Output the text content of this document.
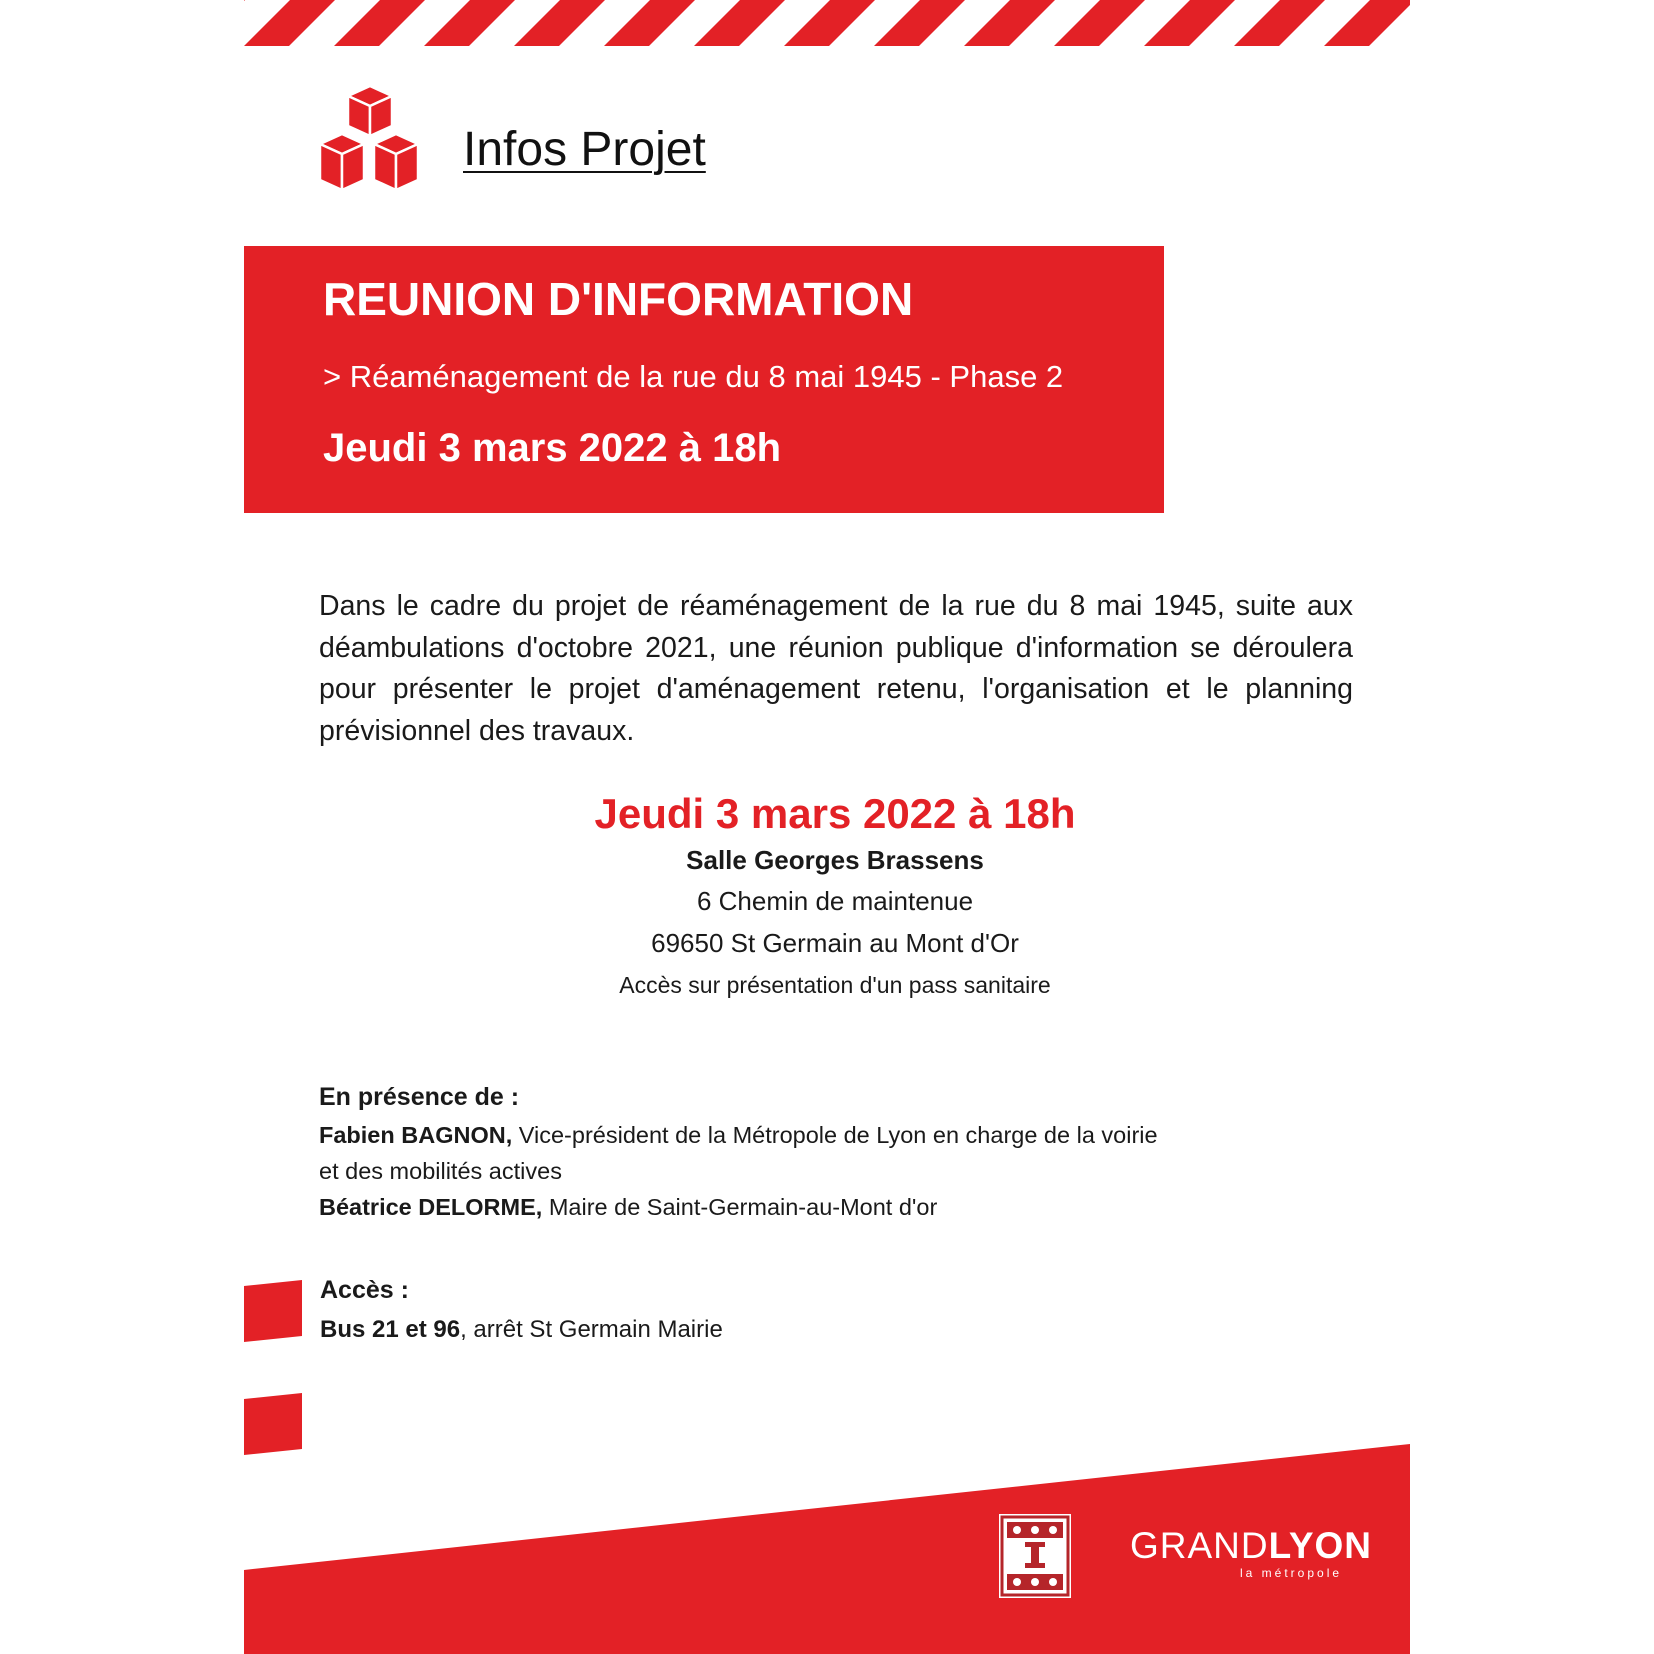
Infos Projet
REUNION D'INFORMATION
> Réaménagement de la rue du 8 mai 1945 - Phase 2
Jeudi 3 mars 2022 à 18h
Dans le cadre du projet de réaménagement de la rue du 8 mai 1945, suite aux déambulations d'octobre 2021, une réunion publique d'information se déroulera pour présenter le projet d'aménagement retenu, l'organisation et le planning prévisionnel des travaux.
Jeudi 3 mars 2022 à 18h
Salle Georges Brassens
6 Chemin de maintenue
69650 St Germain au Mont d'Or
Accès sur présentation d'un pass sanitaire
En présence de :
Fabien BAGNON, Vice-président de la Métropole de Lyon en charge de la voirie
et des mobilités actives
Béatrice DELORME, Maire de Saint-Germain-au-Mont d'or
Accès :
Bus 21 et 96, arrêt St Germain Mairie
GRANDLYON
la métropole
